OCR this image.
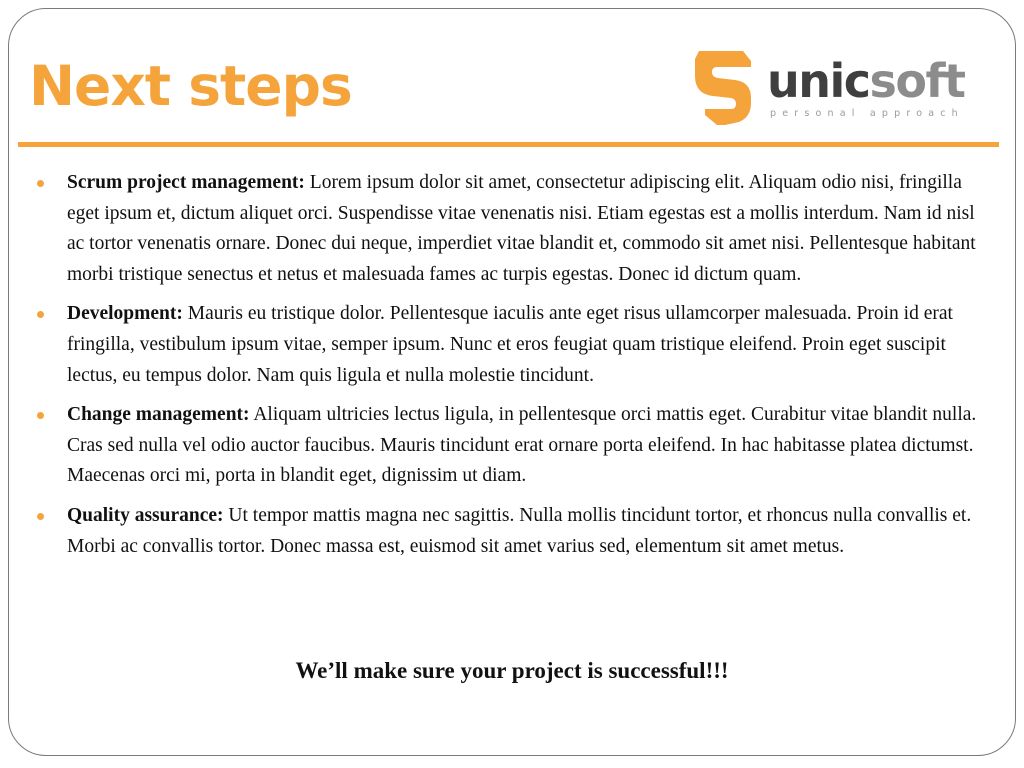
Next steps	unicsoft
personal approach
Scrum project management: Lorem ipsum dolor sit amet, consectetur adipiscing elit. Aliquam odio nisi, fringilla eget ipsum et, dictum aliquet orci. Suspendisse vitae venenatis nisi. Etiam egestas est a mollis interdum. Nam id nisl ac tortor venenatis ornare. Donec dui neque, imperdiet vitae blandit et, commodo sit amet nisi. Pellentesque habitant morbi tristique senectus et netus et malesuada fames ac turpis egestas. Donec id dictum quam.
Development: Mauris eu tristique dolor. Pellentesque iaculis ante eget risus ullamcorper malesuada. Proin id erat fringilla, vestibulum ipsum vitae, semper ipsum. Nunc et eros feugiat quam tristique eleifend. Proin eget suscipit lectus, eu tempus dolor. Nam quis ligula et nulla molestie tincidunt.
Change management: Aliquam ultricies lectus ligula, in pellentesque orci mattis eget. Curabitur vitae blandit nulla. Cras sed nulla vel odio auctor faucibus. Mauris tincidunt erat ornare porta eleifend. In hac habitasse platea dictumst. Maecenas orci mi, porta in blandit eget, dignissim ut diam.
Quality assurance: Ut tempor mattis magna nec sagittis. Nulla mollis tincidunt tortor, et rhoncus nulla convallis et. Morbi ac convallis tortor. Donec massa est, euismod sit amet varius sed, elementum sit amet metus.

We’ll make sure your project is successful!!!
